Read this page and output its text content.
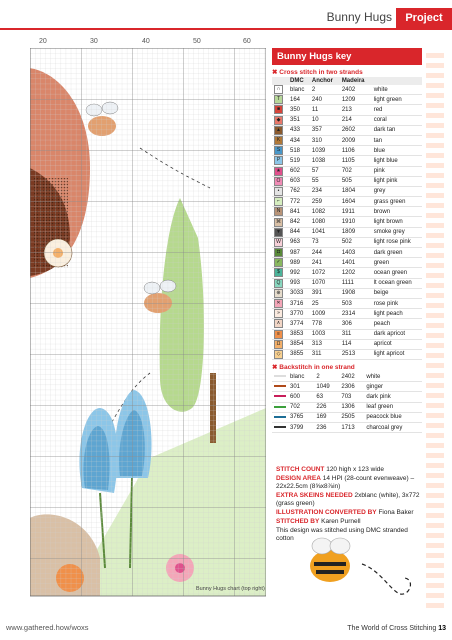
Bunny Hugs	Project
20	30	40	50	60
Bunny Hugs chart (top right)
Bunny Hugs key
✖ Cross stitch in two strands
	DMC	Anchor	Madeira	
∩	blanc	2	2402	white
T	164	240	1209	light green
■	350	11	213	red
◆	351	10	214	coral
▲	433	357	2602	dark tan
K	434	310	2009	tan
S	518	1039	1106	blue
P	519	1038	1105	light blue
★	602	57	702	pink
O	603	55	505	light pink
•	762	234	1804	grey
⌐	772	259	1604	grass green
N	841	1082	1911	brown
⌘	842	1080	1910	light brown
▼	844	1041	1809	smoke grey
W	963	73	502	light rose pink
◘	987	244	1403	dark green
✓	989	241	1401	green
$	992	1072	1202	ocean green
Q	993	1070	1111	lt ocean green
⊕	3033	391	1908	beige
✕	3716	25	503	rose pink
»	3770	1009	2314	light peach
∧	3774	778	306	peach
≡	3853	1003	311	dark apricot
Ω	3854	313	114	apricot
◇	3855	311	2513	light apricot
✖ Backstitch in one strand
	blanc	2	2402	white
	301	1049	2306	ginger
	600	63	703	dark pink
	702	226	1306	leaf green
	3765	169	2505	peacock blue
	3799	236	1713	charcoal grey

STITCH COUNT 120 high x 123 wide

DESIGN AREA 14 HPI (28-count evenweave) – 22x22.5cm (8⅝x8⅞in)

EXTRA SKEINS NEEDED 2xblanc (white), 3x772 (grass green)

ILLUSTRATION CONVERTED BY Fiona Baker

STITCHED BY Karen Purnell

This design was stitched using DMC stranded cotton

www.gathered.how/woxs	The World of Cross Stitching 13
